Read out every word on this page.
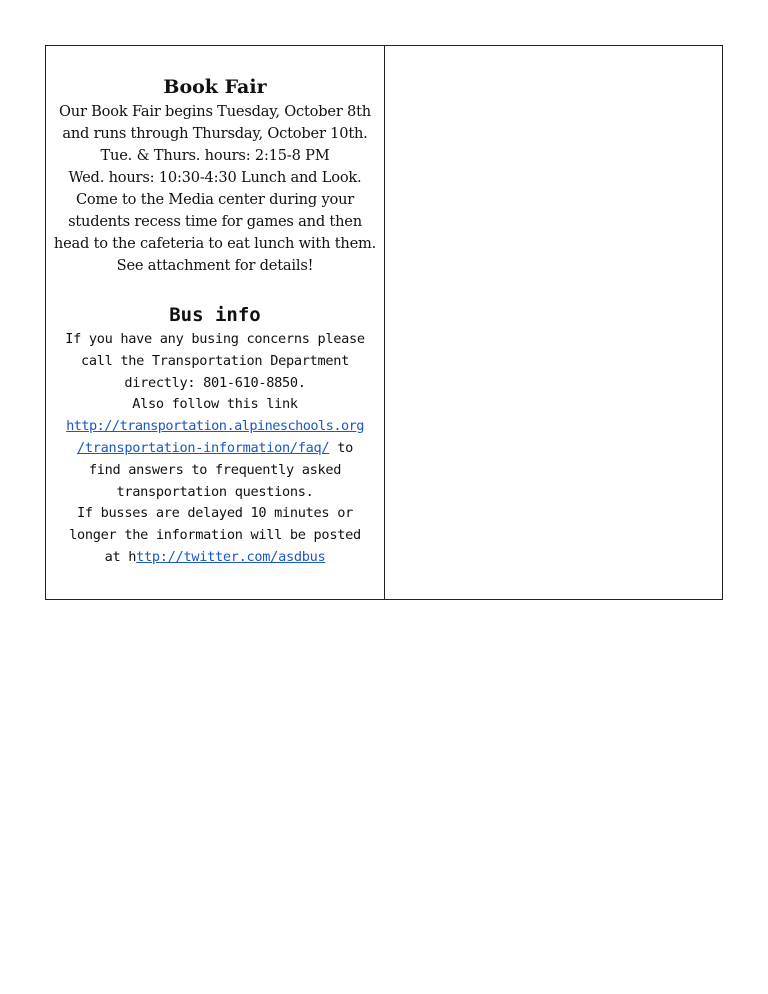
Book Fair

Our Book Fair begins Tuesday, October 8th

and runs through Thursday, October 10th.

Tue. & Thurs. hours: 2:15-8 PM

Wed. hours: 10:30-4:30 Lunch and Look.

Come to the Media center during your

students recess time for games and then

head to the cafeteria to eat lunch with them.

See attachment for details!

Bus info

If you have any busing concerns please

call the Transportation Department

directly: 801-610-8850.

Also follow this link

http://transportation.alpineschools.org

/transportation-information/faq/ to

find answers to frequently asked

transportation questions.

If busses are delayed 10 minutes or

longer the information will be posted

at http://twitter.com/asdbus
